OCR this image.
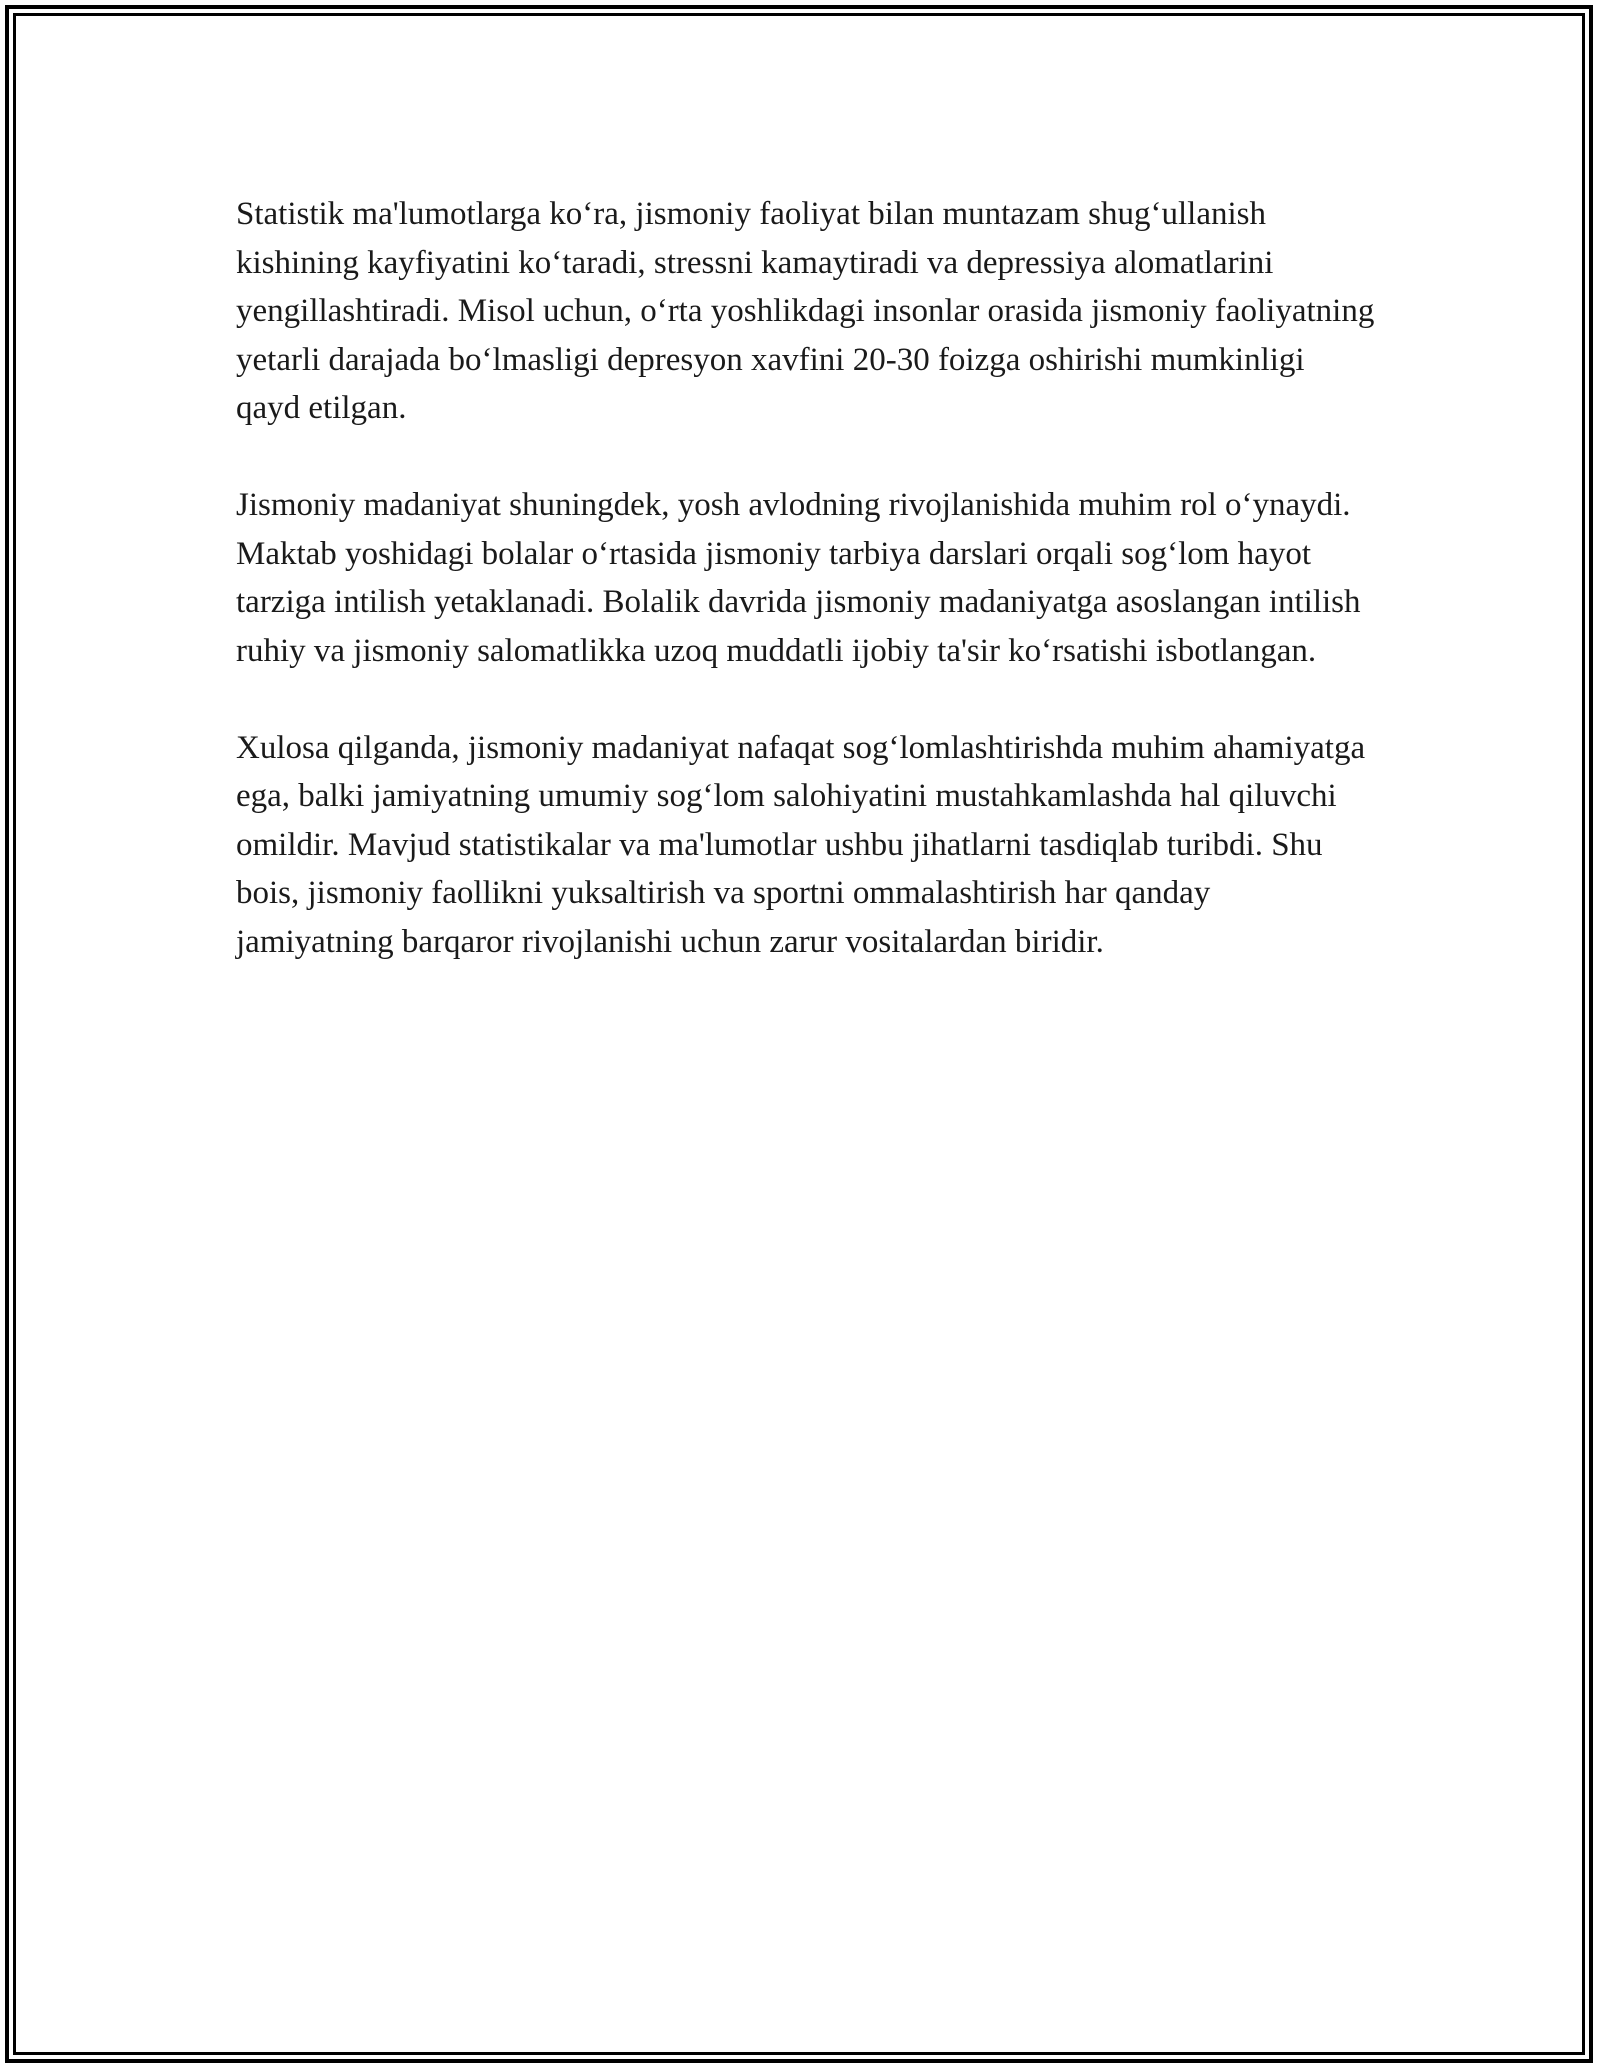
Statistik ma'lumotlarga ko‘ra, jismoniy faoliyat bilan muntazam shug‘ullanish kishining kayfiyatini ko‘taradi, stressni kamaytiradi va depressiya alomatlarini yengillashtiradi. Misol uchun, o‘rta yoshlikdagi insonlar orasida jismoniy faoliyatning yetarli darajada bo‘lmasligi depresyon xavfini 20-30 foizga oshirishi mumkinligi qayd etilgan.

Jismoniy madaniyat shuningdek, yosh avlodning rivojlanishida muhim rol o‘ynaydi. Maktab yoshidagi bolalar o‘rtasida jismoniy tarbiya darslari orqali sog‘lom hayot tarziga intilish yetaklanadi. Bolalik davrida jismoniy madaniyatga asoslangan intilish ruhiy va jismoniy salomatlikka uzoq muddatli ijobiy ta'sir ko‘rsatishi isbotlangan.

Xulosa qilganda, jismoniy madaniyat nafaqat sog‘lomlashtirishda muhim ahamiyatga ega, balki jamiyatning umumiy sog‘lom salohiyatini mustahkamlashda hal qiluvchi omildir. Mavjud statistikalar va ma'lumotlar ushbu jihatlarni tasdiqlab turibdi. Shu bois, jismoniy faollikni yuksaltirish va sportni ommalashtirish har qanday jamiyatning barqaror rivojlanishi uchun zarur vositalardan biridir.
